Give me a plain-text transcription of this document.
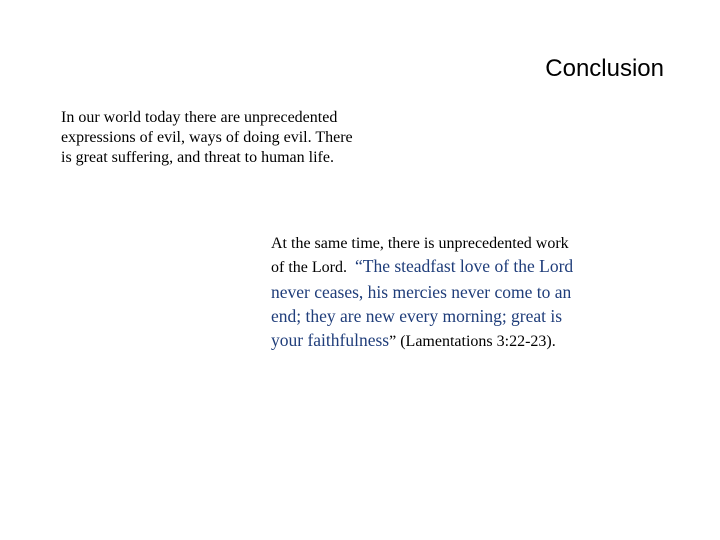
Conclusion
In our world today there are unprecedented
expressions of evil, ways of doing evil. There
is great suffering, and threat to human life.
At the same time, there is unprecedented work
of the Lord.  “The steadfast love of the Lord
never ceases, his mercies never come to an
end; they are new every morning; great is
your faithfulness” (Lamentations 3:22-23).
